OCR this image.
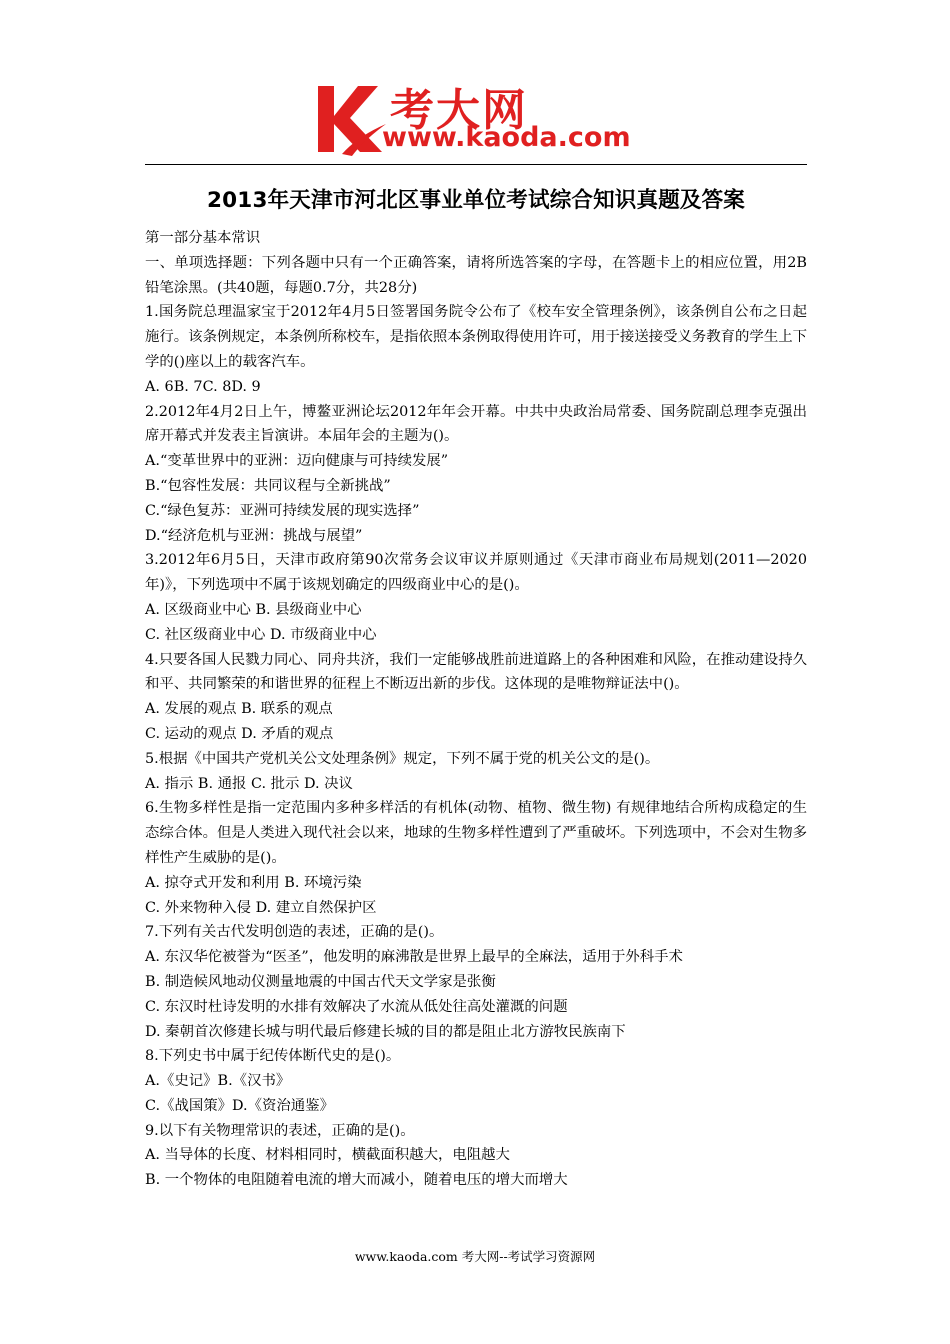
考大网
www.kaoda.com
2013年天津市河北区事业单位考试综合知识真题及答案
第一部分基本常识
一、单项选择题：下列各题中只有一个正确答案，请将所选答案的字母，在答题卡上的相应位置，用2B铅笔涂黑。(共40题，每题0.7分，共28分)
1.国务院总理温家宝于2012年4月5日签署国务院令公布了《校车安全管理条例》，该条例自公布之日起施行。该条例规定，本条例所称校车，是指依照本条例取得使用许可，用于接送接受义务教育的学生上下学的()座以上的载客汽车。
A. 6B. 7C. 8D. 9
2.2012年4月2日上午，博鳌亚洲论坛2012年年会开幕。中共中央政治局常委、国务院副总理李克强出席开幕式并发表主旨演讲。本届年会的主题为()。
A.“变革世界中的亚洲：迈向健康与可持续发展”
B.“包容性发展：共同议程与全新挑战”
C.“绿色复苏：亚洲可持续发展的现实选择”
D.“经济危机与亚洲：挑战与展望”
3.2012年6月5日，天津市政府第90次常务会议审议并原则通过《天津市商业布局规划(2011—2020年)》，下列选项中不属于该规划确定的四级商业中心的是()。
A. 区级商业中心 B. 县级商业中心
C. 社区级商业中心 D. 市级商业中心
4.只要各国人民戮力同心、同舟共济，我们一定能够战胜前进道路上的各种困难和风险，在推动建设持久和平、共同繁荣的和谐世界的征程上不断迈出新的步伐。这体现的是唯物辩证法中()。
A. 发展的观点 B. 联系的观点
C. 运动的观点 D. 矛盾的观点
5.根据《中国共产党机关公文处理条例》规定，下列不属于党的机关公文的是()。
A. 指示 B. 通报 C. 批示 D. 决议
6.生物多样性是指一定范围内多种多样活的有机体(动物、植物、微生物) 有规律地结合所构成稳定的生态综合体。但是人类进入现代社会以来，地球的生物多样性遭到了严重破坏。下列选项中，不会对生物多样性产生威胁的是()。
A. 掠夺式开发和利用 B. 环境污染
C. 外来物种入侵 D. 建立自然保护区
7.下列有关古代发明创造的表述，正确的是()。
A. 东汉华佗被誉为“医圣”，他发明的麻沸散是世界上最早的全麻法，适用于外科手术
B. 制造候风地动仪测量地震的中国古代天文学家是张衡
C. 东汉时杜诗发明的水排有效解决了水流从低处往高处灌溉的问题
D. 秦朝首次修建长城与明代最后修建长城的目的都是阻止北方游牧民族南下
8.下列史书中属于纪传体断代史的是()。
A.《史记》B.《汉书》
C.《战国策》D.《资治通鉴》
9.以下有关物理常识的表述，正确的是()。
A. 当导体的长度、材料相同时，横截面积越大，电阻越大
B. 一个物体的电阻随着电流的增大而减小，随着电压的增大而增大
www.kaoda.com 考大网--考试学习资源网
